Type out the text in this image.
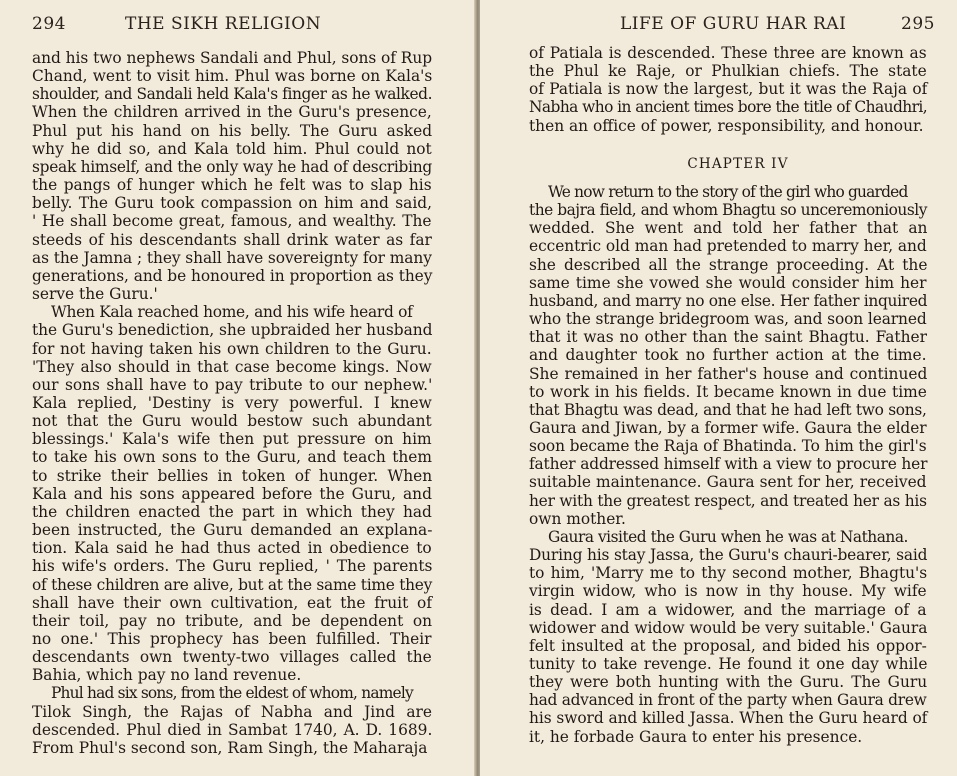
294	THE SIKH RELIGION
and his two nephews Sandali and Phul, sons of Rup
Chand, went to visit him. Phul was borne on Kala's
shoulder, and Sandali held Kala's finger as he walked.
When the children arrived in the Guru's presence,
Phul put his hand on his belly. The Guru asked
why he did so, and Kala told him. Phul could not
speak himself, and the only way he had of describing
the pangs of hunger which he felt was to slap his
belly. The Guru took compassion on him and said,
' He shall become great, famous, and wealthy. The
steeds of his descendants shall drink water as far
as the Jamna ; they shall have sovereignty for many
generations, and be honoured in proportion as they
serve the Guru.'
When Kala reached home, and his wife heard of
the Guru's benediction, she upbraided her husband
for not having taken his own children to the Guru.
'They also should in that case become kings. Now
our sons shall have to pay tribute to our nephew.'
Kala replied, 'Destiny is very powerful. I knew
not that the Guru would bestow such abundant
blessings.' Kala's wife then put pressure on him
to take his own sons to the Guru, and teach them
to strike their bellies in token of hunger. When
Kala and his sons appeared before the Guru, and
the children enacted the part in which they had
been instructed, the Guru demanded an explana-
tion. Kala said he had thus acted in obedience to
his wife's orders. The Guru replied, ' The parents
of these children are alive, but at the same time they
shall have their own cultivation, eat the fruit of
their toil, pay no tribute, and be dependent on
no one.' This prophecy has been fulfilled. Their
descendants own twenty-two villages called the
Bahia, which pay no land revenue.
Phul had six sons, from the eldest of whom, namely
Tilok Singh, the Rajas of Nabha and Jind are
descended. Phul died in Sambat 1740, A. D. 1689.
From Phul's second son, Ram Singh, the Maharaja
LIFE OF GURU HAR RAI	295
of Patiala is descended. These three are known as
the Phul ke Raje, or Phulkian chiefs. The state
of Patiala is now the largest, but it was the Raja of
Nabha who in ancient times bore the title of Chaudhri,
then an office of power, responsibility, and honour.
CHAPTER IV
We now return to the story of the girl who guarded
the bajra field, and whom Bhagtu so unceremoniously
wedded. She went and told her father that an
eccentric old man had pretended to marry her, and
she described all the strange proceeding. At the
same time she vowed she would consider him her
husband, and marry no one else. Her father inquired
who the strange bridegroom was, and soon learned
that it was no other than the saint Bhagtu. Father
and daughter took no further action at the time.
She remained in her father's house and continued
to work in his fields. It became known in due time
that Bhagtu was dead, and that he had left two sons,
Gaura and Jiwan, by a former wife. Gaura the elder
soon became the Raja of Bhatinda. To him the girl's
father addressed himself with a view to procure her
suitable maintenance. Gaura sent for her, received
her with the greatest respect, and treated her as his
own mother.
Gaura visited the Guru when he was at Nathana.
During his stay Jassa, the Guru's chauri-bearer, said
to him, 'Marry me to thy second mother, Bhagtu's
virgin widow, who is now in thy house. My wife
is dead. I am a widower, and the marriage of a
widower and widow would be very suitable.' Gaura
felt insulted at the proposal, and bided his oppor-
tunity to take revenge. He found it one day while
they were both hunting with the Guru. The Guru
had advanced in front of the party when Gaura drew
his sword and killed Jassa. When the Guru heard of
it, he forbade Gaura to enter his presence.
